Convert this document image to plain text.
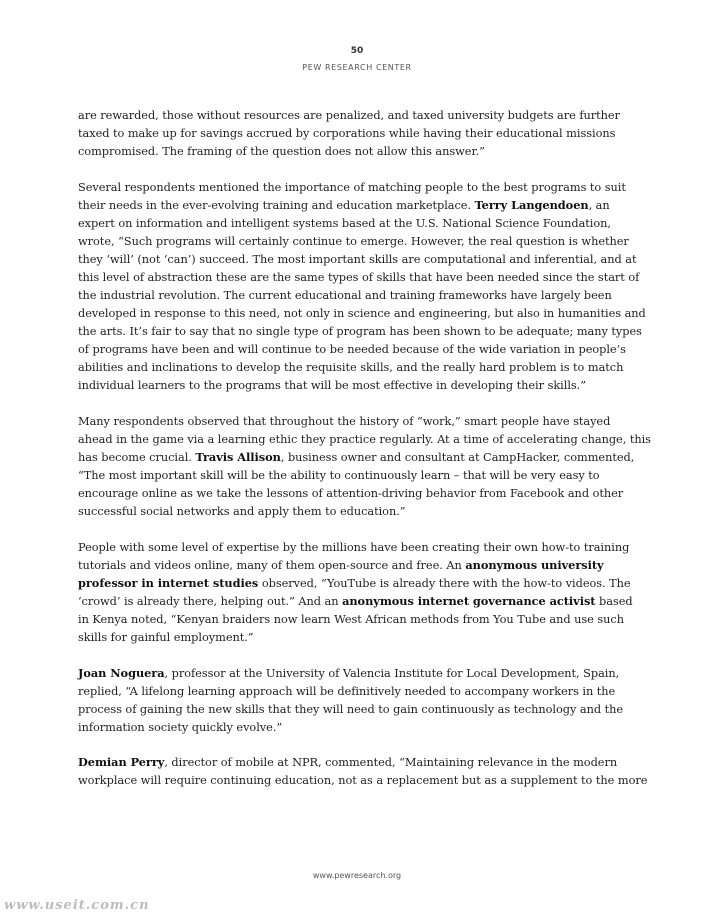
50
PEW RESEARCH CENTER

are rewarded, those without resources are penalized, and taxed university budgets are further
taxed to make up for savings accrued by corporations while having their educational missions
compromised. The framing of the question does not allow this answer.”

Several respondents mentioned the importance of matching people to the best programs to suit
their needs in the ever-evolving training and education marketplace. Terry Langendoen, an
expert on information and intelligent systems based at the U.S. National Science Foundation,
wrote, “Such programs will certainly continue to emerge. However, the real question is whether
they ‘will’ (not ‘can’) succeed. The most important skills are computational and inferential, and at
this level of abstraction these are the same types of skills that have been needed since the start of
the industrial revolution. The current educational and training frameworks have largely been
developed in response to this need, not only in science and engineering, but also in humanities and
the arts. It’s fair to say that no single type of program has been shown to be adequate; many types
of programs have been and will continue to be needed because of the wide variation in people’s
abilities and inclinations to develop the requisite skills, and the really hard problem is to match
individual learners to the programs that will be most effective in developing their skills.”

Many respondents observed that throughout the history of “work,” smart people have stayed
ahead in the game via a learning ethic they practice regularly. At a time of accelerating change, this
has become crucial. Travis Allison, business owner and consultant at CampHacker, commented,
“The most important skill will be the ability to continuously learn – that will be very easy to
encourage online as we take the lessons of attention-driving behavior from Facebook and other
successful social networks and apply them to education.”

People with some level of expertise by the millions have been creating their own how-to training
tutorials and videos online, many of them open-source and free. An anonymous university
professor in internet studies observed, “YouTube is already there with the how-to videos. The
‘crowd’ is already there, helping out.” And an anonymous internet governance activist based
in Kenya noted, “Kenyan braiders now learn West African methods from You Tube and use such
skills for gainful employment.”

Joan Noguera, professor at the University of Valencia Institute for Local Development, Spain,
replied, “A lifelong learning approach will be definitively needed to accompany workers in the
process of gaining the new skills that they will need to gain continuously as technology and the
information society quickly evolve.”

Demian Perry, director of mobile at NPR, commented, “Maintaining relevance in the modern
workplace will require continuing education, not as a replacement but as a supplement to the more

www.pewresearch.org
www.useit.com.cn
